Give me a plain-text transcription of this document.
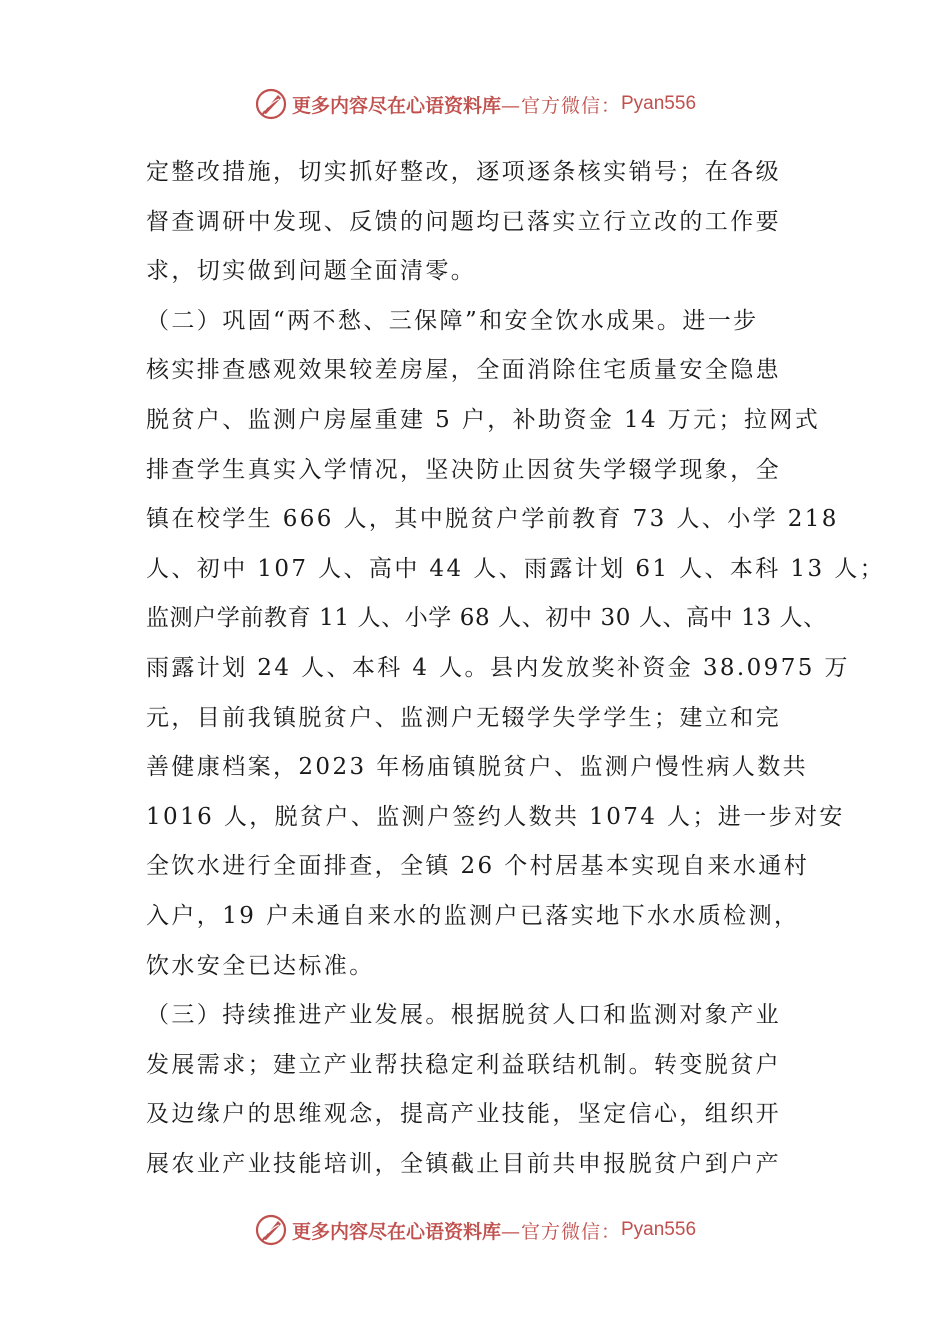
更多内容尽在心语资料库 —官方微信： Pyan556
定整改措施，切实抓好整改，逐项逐条核实销号；在各级
督查调研中发现、反馈的问题均已落实立行立改的工作要
求，切实做到问题全面清零。
（二）巩固“两不愁、三保障”和安全饮水成果。进一步
核实排查感观效果较差房屋，全面消除住宅质量安全隐患
脱贫户、监测户房屋重建 5 户，补助资金 14 万元；拉网式
排查学生真实入学情况，坚决防止因贫失学辍学现象，全
镇在校学生 666 人，其中脱贫户学前教育 73 人、小学 218
人、初中 107 人、高中 44 人、雨露计划 61 人、本科 13 人；
监测户学前教育 11 人、小学 68 人、初中 30 人、高中 13 人、
雨露计划 24 人、本科 4 人。县内发放奖补资金 38.0975 万
元，目前我镇脱贫户、监测户无辍学失学学生；建立和完
善健康档案，2023 年杨庙镇脱贫户、监测户慢性病人数共
1016 人，脱贫户、监测户签约人数共 1074 人；进一步对安
全饮水进行全面排查，全镇 26 个村居基本实现自来水通村
入户，19 户未通自来水的监测户已落实地下水水质检测，
饮水安全已达标准。
（三）持续推进产业发展。根据脱贫人口和监测对象产业
发展需求；建立产业帮扶稳定利益联结机制。转变脱贫户
及边缘户的思维观念，提高产业技能，坚定信心，组织开
展农业产业技能培训，全镇截止目前共申报脱贫户到户产
更多内容尽在心语资料库 —官方微信： Pyan556
